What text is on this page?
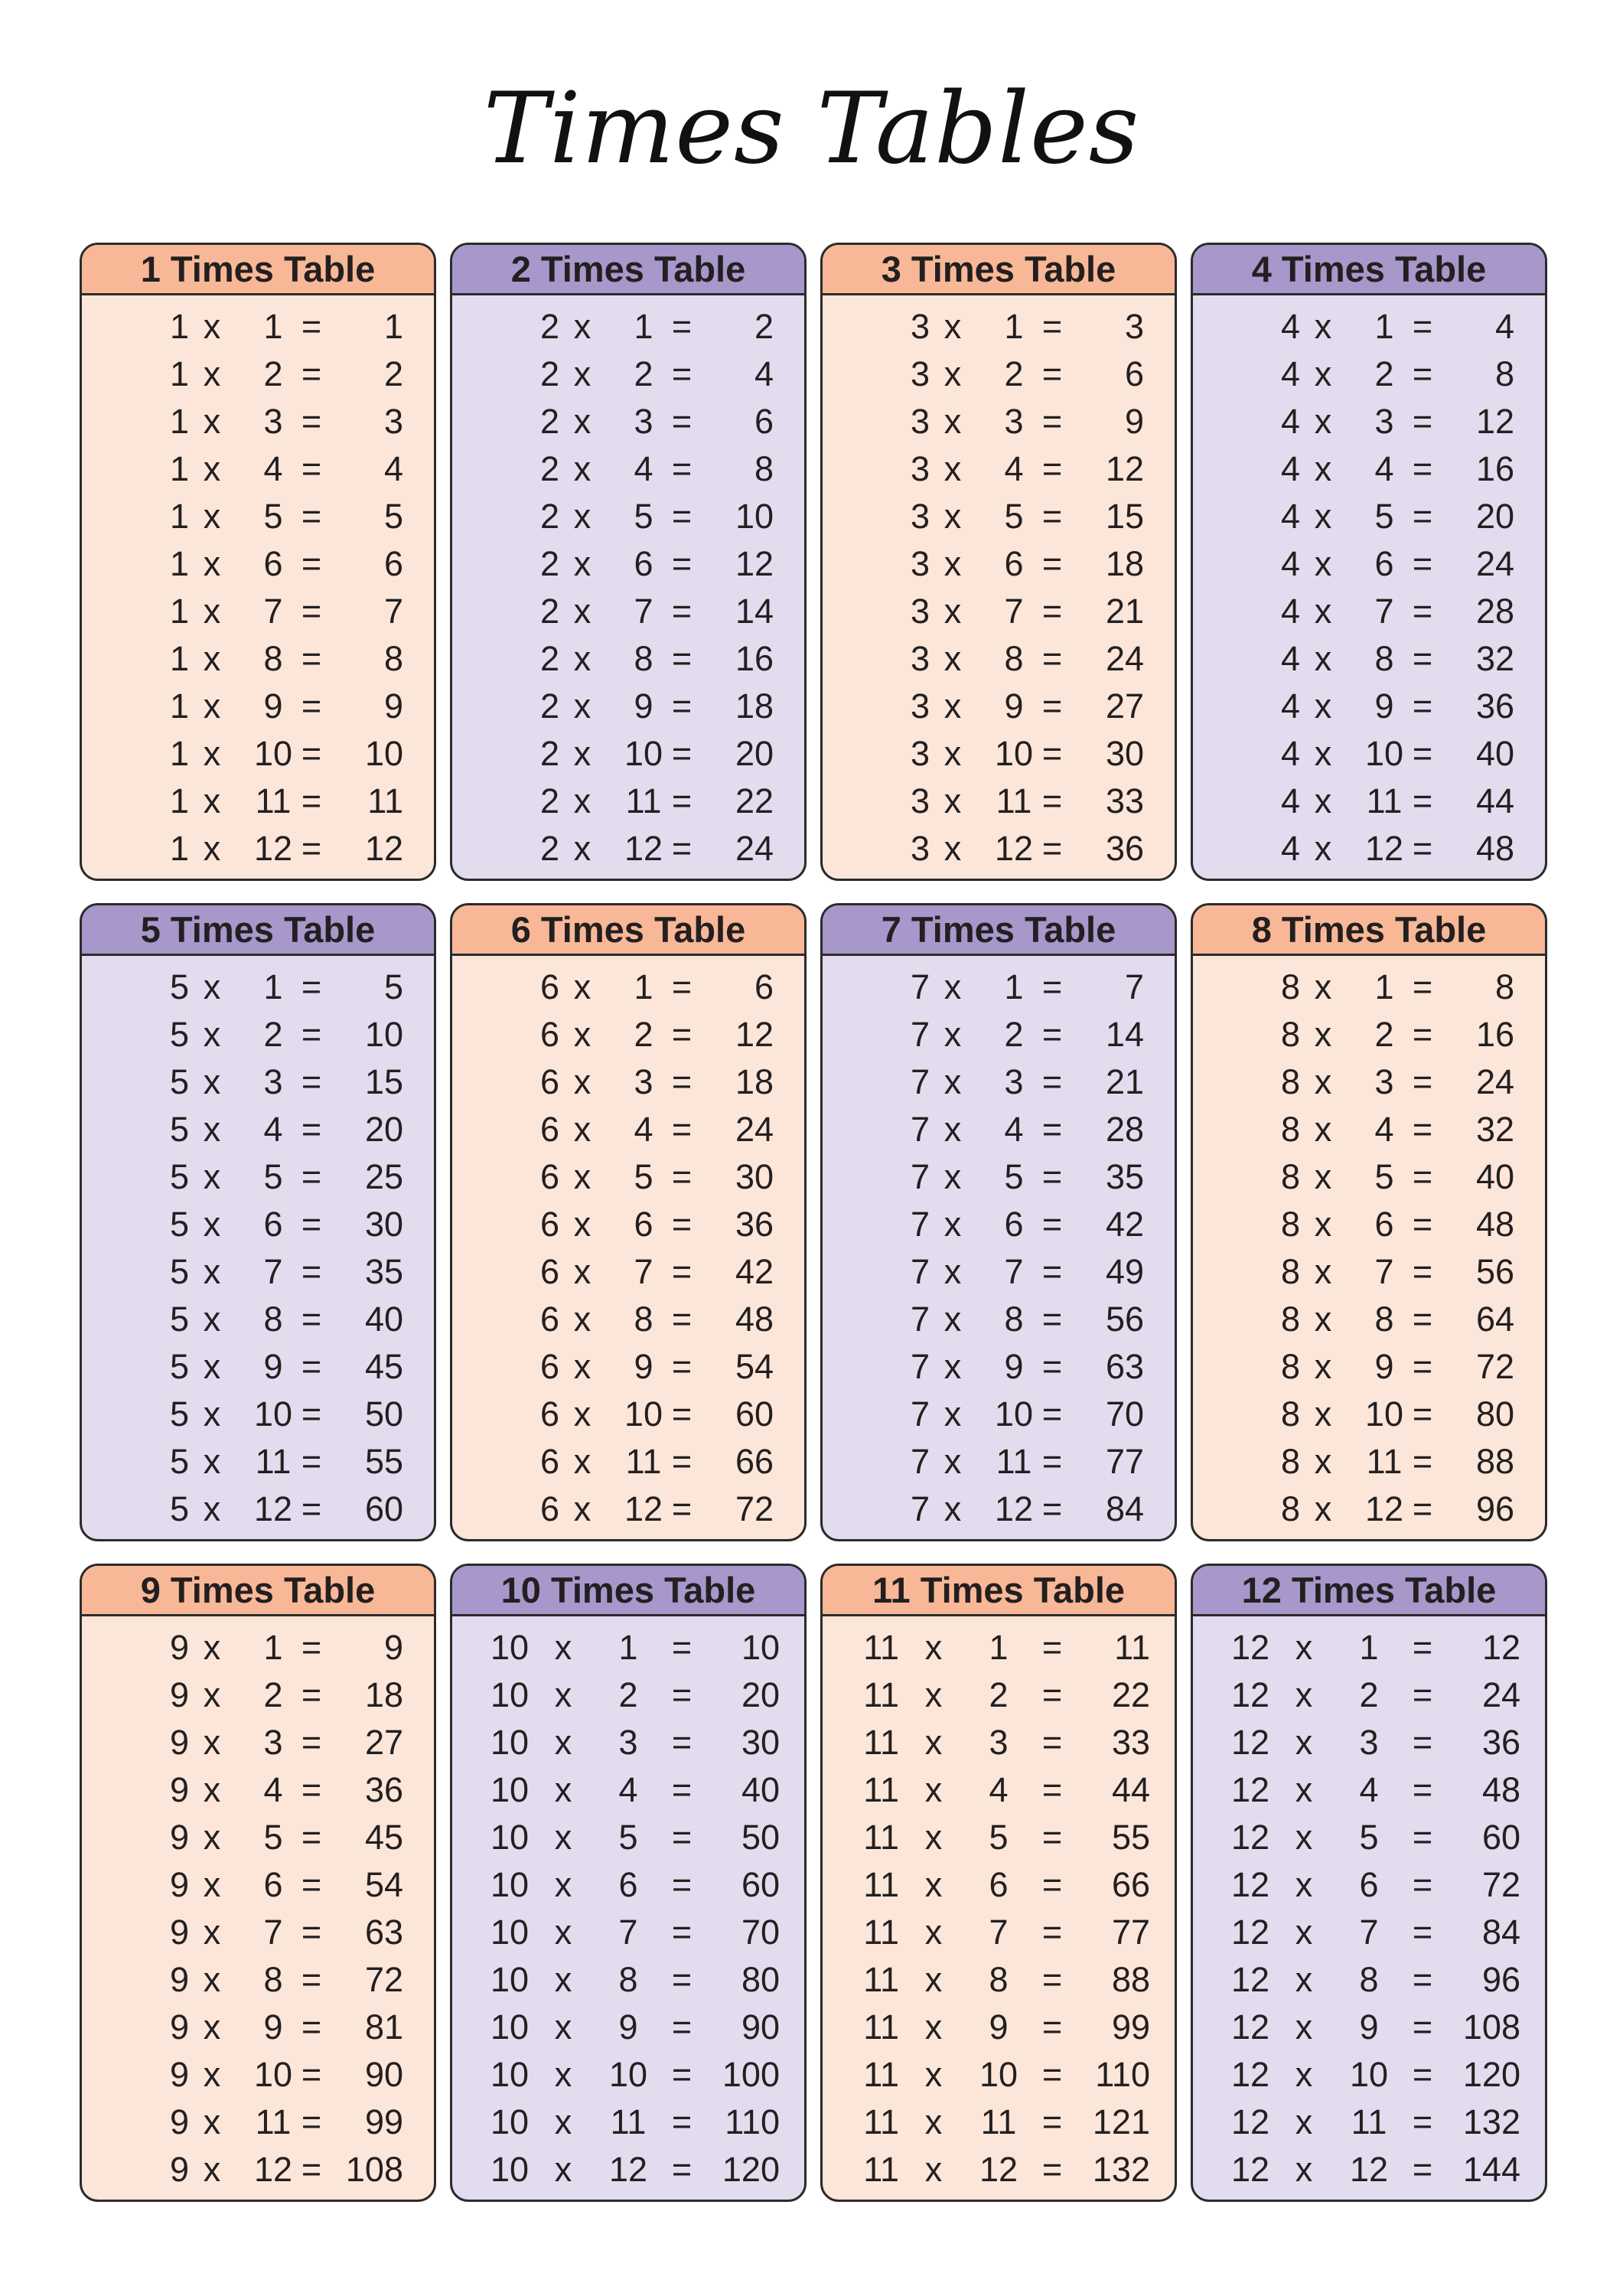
Times Tables
1 Times Table
1 x	1 =	1
1 x	2 =	2
1 x	3 =	3
1 x	4 =	4
1 x	5 =	5
1 x	6 =	6
1 x	7 =	7
1 x	8 =	8
1 x	9 =	9
1 x 10 =	10
1 x	11 =	11
1 x 12 =	12
2 Times Table
2 x	1 =	2
2 x	2 =	4
2 x	3 =	6
2 x	4 =	8
2 x	5 =	10
2 x	6 =	12
2 x	7 =	14
2 x	8 =	16
2 x	9 =	18
2 x 10 =	20
2 x	11 =	22
2 x 12 =	24
3 Times Table
3 x	1 =	3
3 x	2 =	6
3 x	3 =	9
3 x	4 =	12
3 x	5 =	15
3 x	6 =	18
3 x	7 =	21
3 x	8 =	24
3 x	9 =	27
3 x 10 =	30
3 x	11 =	33
3 x 12 =	36
4 Times Table
4 x	1 =	4
4 x	2 =	8
4 x	3 =	12
4 x	4 =	16
4 x	5 =	20
4 x	6 =	24
4 x	7 =	28
4 x	8 =	32
4 x	9 =	36
4 x 10 =	40
4 x	11 =	44
4 x 12 =	48
5 Times Table
5 x	1 =	5
5 x	2 =	10
5 x	3 =	15
5 x	4 =	20
5 x	5 =	25
5 x	6 =	30
5 x	7 =	35
5 x	8 =	40
5 x	9 =	45
5 x 10 =	50
5 x	11 =	55
5 x 12 =	60
6 Times Table
6 x	1 =	6
6 x	2 =	12
6 x	3 =	18
6 x	4 =	24
6 x	5 =	30
6 x	6 =	36
6 x	7 =	42
6 x	8 =	48
6 x	9 =	54
6 x 10 =	60
6 x	11 =	66
6 x 12 =	72
7 Times Table
7 x	1 =	7
7 x	2 =	14
7 x	3 =	21
7 x	4 =	28
7 x	5 =	35
7 x	6 =	42
7 x	7 =	49
7 x	8 =	56
7 x	9 =	63
7 x 10 =	70
7 x	11 =	77
7 x 12 =	84
8 Times Table
8 x	1 =	8
8 x	2 =	16
8 x	3 =	24
8 x	4 =	32
8 x	5 =	40
8 x	6 =	48
8 x	7 =	56
8 x	8 =	64
8 x	9 =	72
8 x 10 =	80
8 x	11 =	88
8 x 12 =	96
9 Times Table
9 x	1 =	9
9 x	2 =	18
9 x	3 =	27
9 x	4 =	36
9 x	5 =	45
9 x	6 =	54
9 x	7 =	63
9 x	8 =	72
9 x	9 =	81
9 x 10 =	90
9 x	11 =	99
9 x 12 = 108
10 Times Table
10 x	1 =	10
10 x	2 =	20
10 x	3 =	30
10 x	4 =	40
10 x	5 =	50
10 x	6 =	60
10 x	7 =	70
10 x	8 =	80
10 x	9 =	90
10 x	10 = 100
10 x	11 = 110
10 x	12 = 120
11 Times Table
11 x	1 =	11
11 x	2 =	22
11 x	3 =	33
11 x	4 =	44
11 x	5 =	55
11 x	6 =	66
11 x	7 =	77
11 x	8 =	88
11 x	9 =	99
11 x	10 = 110
11 x	11 = 121
11 x	12 = 132
12 Times Table
12 x	1 =	12
12 x	2 =	24
12 x	3 =	36
12 x	4 =	48
12 x	5 =	60
12 x	6 =	72
12 x	7 =	84
12 x	8 =	96
12 x	9 = 108
12 x	10 = 120
12 x	11 = 132
12 x	12 = 144
